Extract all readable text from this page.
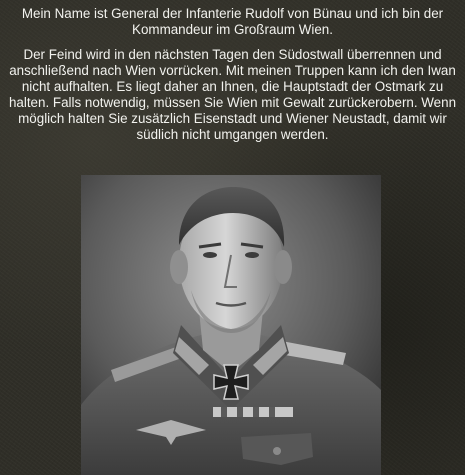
Mein Name ist General der Infanterie Rudolf von Bünau und ich bin der Kommandeur im Großraum Wien.

Der Feind wird in den nächsten Tagen den Südostwall überrennen und anschließend nach Wien vorrücken. Mit meinen Truppen kann ich den Iwan nicht aufhalten. Es liegt daher an Ihnen, die Hauptstadt der Ostmark zu halten. Falls notwendig, müssen Sie Wien mit Gewalt zurückerobern. Wenn möglich halten Sie zusätzlich Eisenstadt und Wiener Neustadt, damit wir südlich nicht umgangen werden.
